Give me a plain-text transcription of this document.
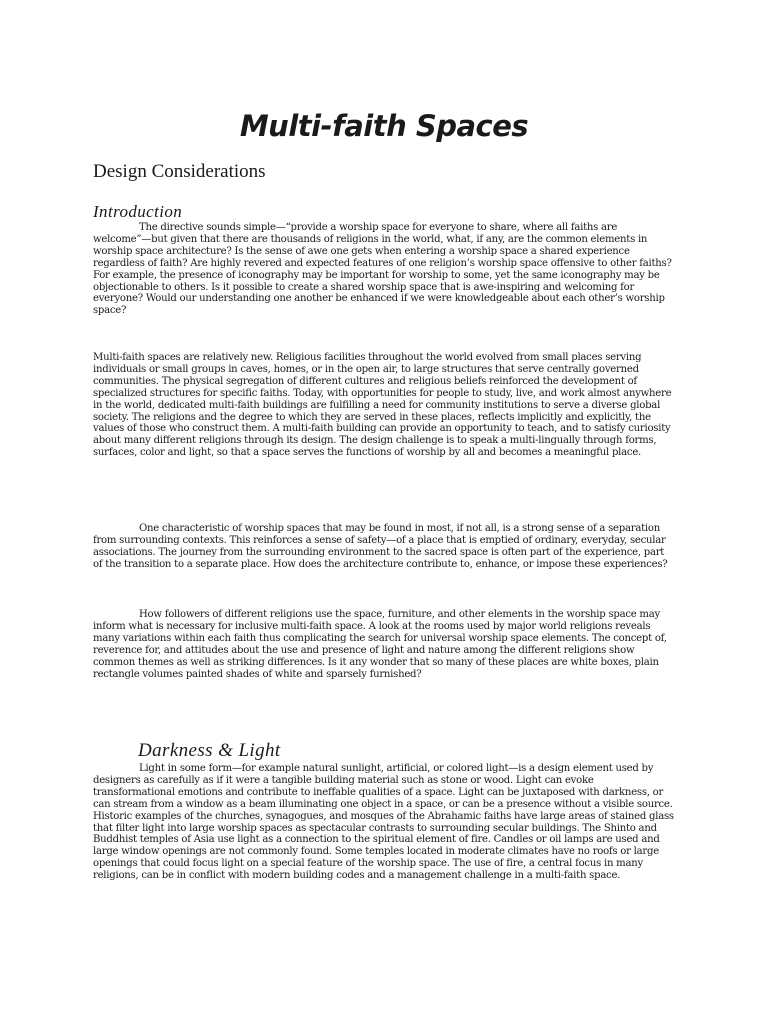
Multi-faith Spaces
Design Considerations
Introduction

The directive sounds simple—“provide a worship space for everyone to share, where all faiths are welcome”—but given that there are thousands of religions in the world, what, if any, are the common elements in worship space architecture? Is the sense of awe one gets when entering a worship space a shared experience regardless of faith? Are highly revered and expected features of one religion’s worship space offensive to other faiths? For example, the presence of iconography may be important for worship to some, yet the same iconography may be objectionable to others. Is it possible to create a shared worship space that is awe-inspiring and welcoming for everyone? Would our understanding one another be enhanced if we were knowledgeable about each other’s worship space?

Multi-faith spaces are relatively new. Religious facilities throughout the world evolved from small places serving individuals or small groups in caves, homes, or in the open air, to large structures that serve centrally governed communities. The physical segregation of different cultures and religious beliefs reinforced the development of specialized structures for specific faiths. Today, with opportunities for people to study, live, and work almost anywhere in the world, dedicated multi-faith buildings are fulfilling a need for community institutions to serve a diverse global society. The religions and the degree to which they are served in these places, reflects implicitly and explicitly, the values of those who construct them. A multi-faith building can provide an opportunity to teach, and to satisfy curiosity about many different religions through its design. The design challenge is to speak a multi-lingually through forms, surfaces, color and light, so that a space serves the functions of worship by all and becomes a meaningful place.

One characteristic of worship spaces that may be found in most, if not all, is a strong sense of a separation from surrounding contexts. This reinforces a sense of safety—of a place that is emptied of ordinary, everyday, secular associations. The journey from the surrounding environment to the sacred space is often part of the experience, part of the transition to a separate place. How does the architecture contribute to, enhance, or impose these experiences?

How followers of different religions use the space, furniture, and other elements in the worship space may inform what is necessary for inclusive multi-faith space. A look at the rooms used by major world religions reveals many variations within each faith thus complicating the search for universal worship space elements. The concept of, reverence for, and attitudes about the use and presence of light and nature among the different religions show common themes as well as striking differences. Is it any wonder that so many of these places are white boxes, plain rectangle volumes painted shades of white and sparsely furnished?

Darkness & Light

Light in some form—for example natural sunlight, artificial, or colored light—is a design element used by designers as carefully as if it were a tangible building material such as stone or wood. Light can evoke transformational emotions and contribute to ineffable qualities of a space. Light can be juxtaposed with darkness, or can stream from a window as a beam illuminating one object in a space, or can be a presence without a visible source. Historic examples of the churches, synagogues, and mosques of the Abrahamic faiths have large areas of stained glass that filter light into large worship spaces as spectacular contrasts to surrounding secular buildings. The Shinto and Buddhist temples of Asia use light as a connection to the spiritual element of fire. Candles or oil lamps are used and large window openings are not commonly found. Some temples located in moderate climates have no roofs or large openings that could focus light on a special feature of the worship space. The use of fire, a central focus in many religions, can be in conflict with modern building codes and a management challenge in a multi-faith space.
